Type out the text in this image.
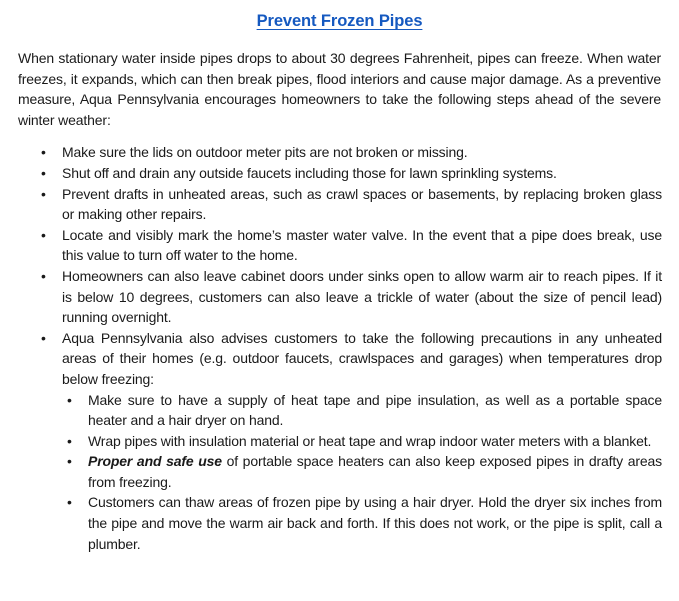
Prevent Frozen Pipes

When stationary water inside pipes drops to about 30 degrees Fahrenheit, pipes can freeze. When water freezes, it expands, which can then break pipes, flood interiors and cause major damage. As a preventive measure, Aqua Pennsylvania encourages homeowners to take the following steps ahead of the severe winter weather:

•	Make sure the lids on outdoor meter pits are not broken or missing.
•	Shut off and drain any outside faucets including those for lawn sprinkling systems.
•	Prevent drafts in unheated areas, such as crawl spaces or basements, by replacing broken glass or making other repairs.
•	Locate and visibly mark the home’s master water valve. In the event that a pipe does break, use this value to turn off water to the home.
•	Homeowners can also leave cabinet doors under sinks open to allow warm air to reach pipes. If it is below 10 degrees, customers can also leave a trickle of water (about the size of pencil lead) running overnight.
•	Aqua Pennsylvania also advises customers to take the following precautions in any unheated areas of their homes (e.g. outdoor faucets, crawlspaces and garages) when temperatures drop below freezing:
•	Make sure to have a supply of heat tape and pipe insulation, as well as a portable space heater and a hair dryer on hand.
•	Wrap pipes with insulation material or heat tape and wrap indoor water meters with a blanket.
•	Proper and safe use of portable space heaters can also keep exposed pipes in drafty areas from freezing.
•	Customers can thaw areas of frozen pipe by using a hair dryer. Hold the dryer six inches from the pipe and move the warm air back and forth. If this does not work, or the pipe is split, call a plumber.
